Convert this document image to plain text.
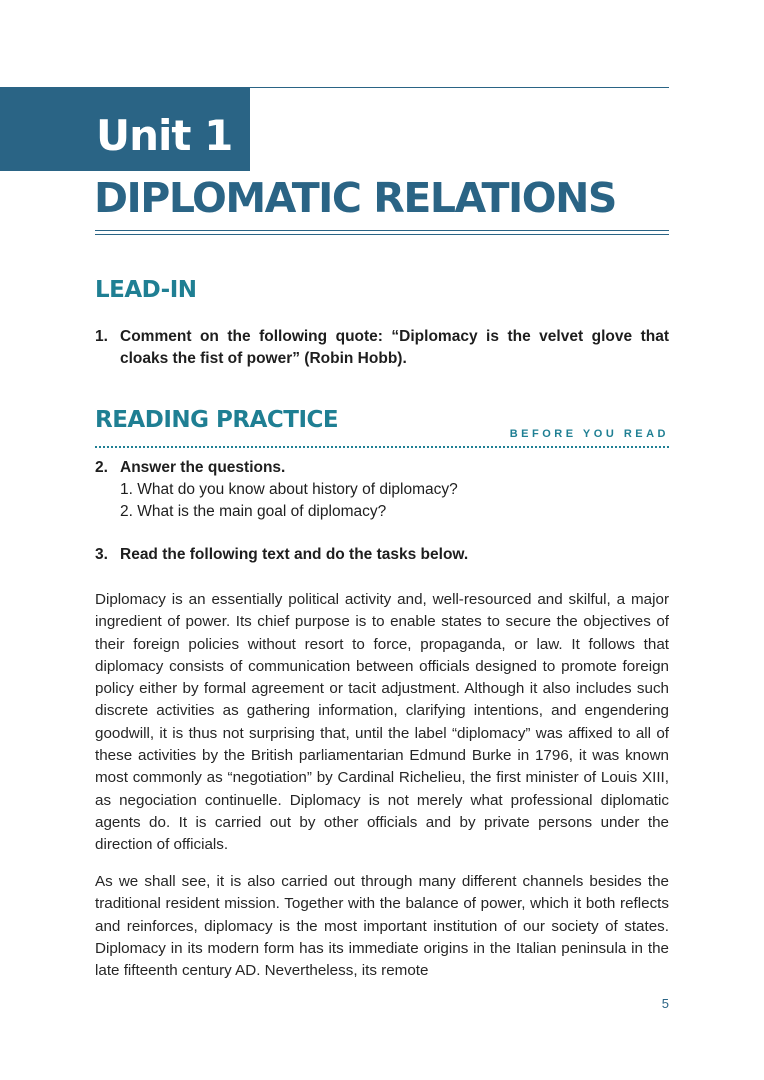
Unit 1
DIPLOMATIC RELATIONS
LEAD-IN
1. Comment on the following quote: “Diplomacy is the velvet glove that cloaks the fist of power” (Robin Hobb).
READING PRACTICE
BEFORE YOU READ
2. Answer the questions.
1. What do you know about history of diplomacy?
2. What is the main goal of diplomacy?
3. Read the following text and do the tasks below.

Diplomacy is an essentially political activity and, well-resourced and skilful, a major ingredient of power. Its chief purpose is to enable states to secure the objectives of their foreign policies without resort to force, propaganda, or law. It follows that diplomacy consists of communication between officials designed to promote foreign policy either by formal agreement or tacit adjustment. Although it also includes such discrete activities as gathering information, clarifying intentions, and engendering goodwill, it is thus not surprising that, until the label “diplomacy” was affixed to all of these activities by the British parliamentarian Edmund Burke in 1796, it was known most commonly as “negotiation” by Cardinal Richelieu, the first minister of Louis XIII, as negociation continuelle. Diplomacy is not merely what professional diplomatic agents do. It is carried out by other officials and by private persons under the direction of officials.

As we shall see, it is also carried out through many different channels besides the traditional resident mission. Together with the balance of power, which it both reflects and reinforces, diplomacy is the most important institution of our society of states. Diplomacy in its modern form has its immediate origins in the Italian peninsula in the late fifteenth century AD. Nevertheless, its remote

5
